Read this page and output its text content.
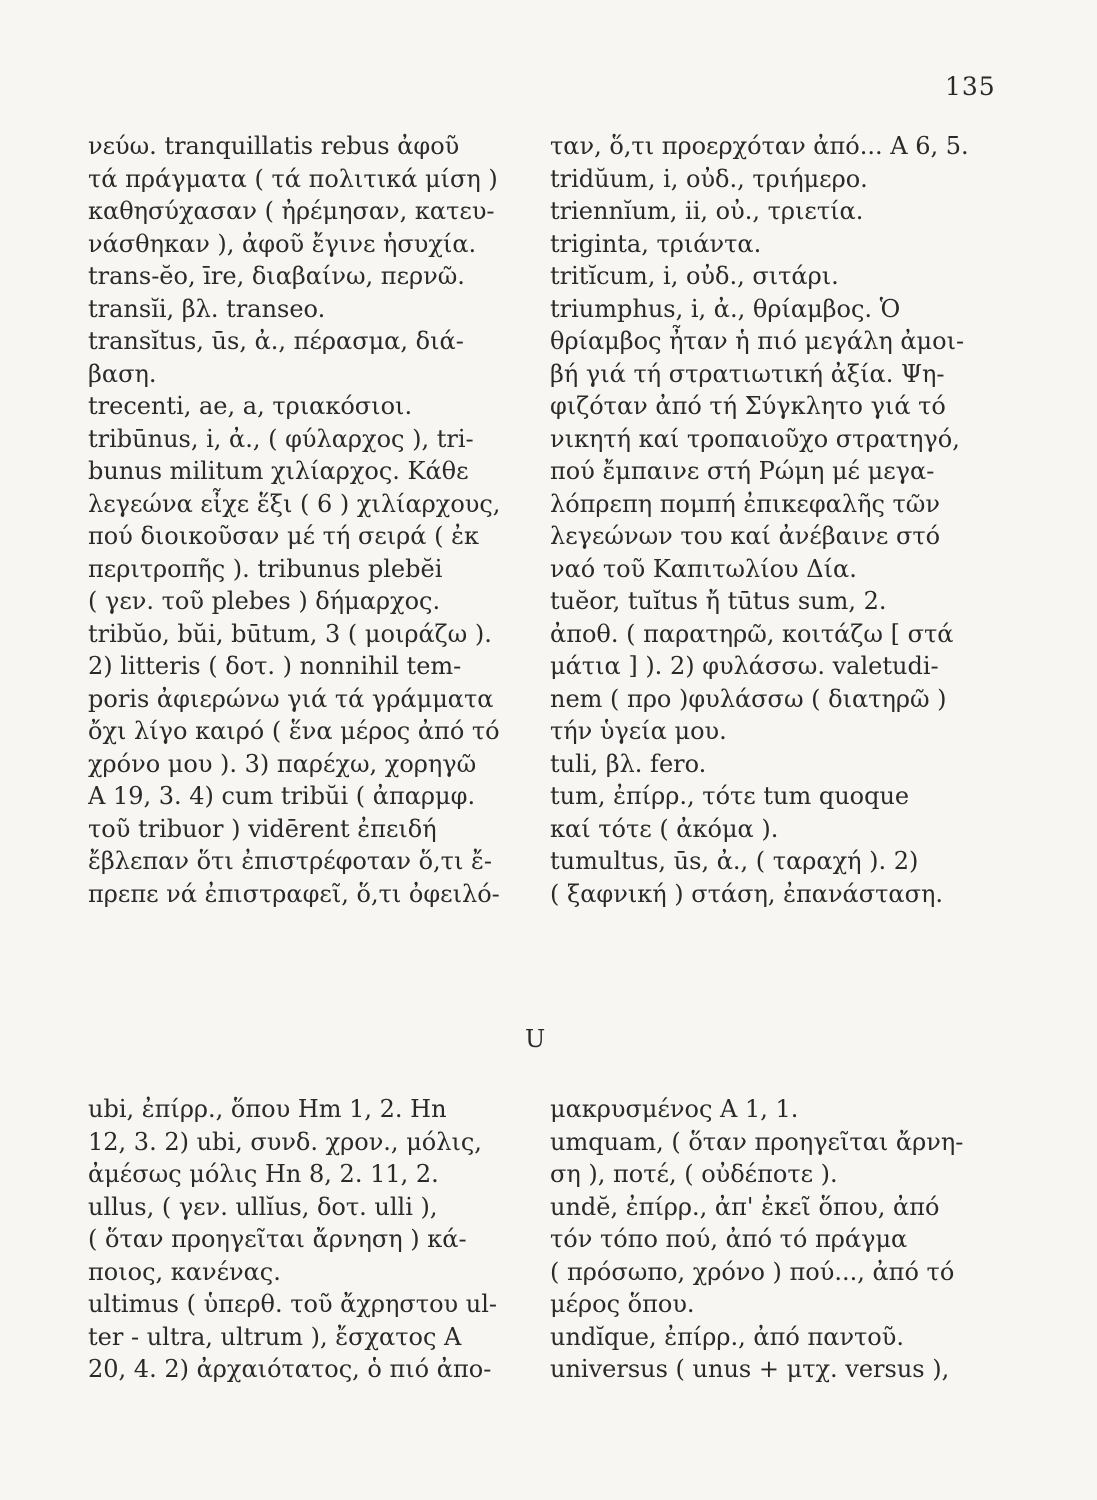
135
νεύω. tranquillatis rebus ἀφοῦ
τά πράγματα ( τά πολιτικά μίση )
καθησύχασαν ( ἠρέμησαν, κατευ-
νάσθηκαν ), ἀφοῦ ἔγινε ἡσυχία.
trans-ĕo, īre, διαβαίνω, περνῶ.
transĭi, βλ. transeo.
transĭtus, ūs, ἀ., πέρασμα, διά-
βαση.
trecenti, ae, a, τριακόσιοι.
tribūnus, i, ἀ., ( φύλαρχος ), tri-
bunus militum χιλίαρχος. Κάθε
λεγεώνα εἶχε ἕξι ( 6 ) χιλίαρχους,
πού διοικοῦσαν μέ τή σειρά ( ἐκ
περιτροπῆς ). tribunus plebĕi
( γεν. τοῦ plebes ) δήμαρχος.
tribŭo, bŭi, būtum, 3 ( μοιράζω ).
2) litteris ( δοτ. ) nonnihil tem-
poris ἀφιερώνω γιά τά γράμματα
ὄχι λίγο καιρό ( ἕνα μέρος ἀπό τό
χρόνο μου ). 3) παρέχω, χορηγῶ
A 19, 3. 4) cum tribŭi ( ἀπαρμφ.
τοῦ tribuor ) vidērent ἐπειδή
ἔβλεπαν ὅτι ἐπιστρέφοταν ὅ,τι ἔ-
πρεπε νά ἐπιστραφεῖ, ὅ,τι ὀφειλό-
ταν, ὅ,τι προερχόταν ἀπό... A 6, 5.
tridŭum, i, οὐδ., τριήμερο.
triennĭum, ii, οὐ., τριετία.
triginta, τριάντα.
tritĭcum, i, οὐδ., σιτάρι.
triumphus, i, ἀ., θρίαμβος. Ὁ
θρίαμβος ἦταν ἡ πιό μεγάλη ἀμοι-
βή γιά τή στρατιωτική ἀξία. Ψη-
φιζόταν ἀπό τή Σύγκλητο γιά τό
νικητή καί τροπαιοῦχο στρατηγό,
πού ἔμπαινε στή Ρώμη μέ μεγα-
λόπρεπη πομπή ἐπικεφαλῆς τῶν
λεγεώνων του καί ἀνέβαινε στό
ναό τοῦ Καπιτωλίου Δία.
tuĕor, tuĭtus ἤ tūtus sum, 2.
ἀποθ. ( παρατηρῶ, κοιτάζω [ στά
μάτια ] ). 2) φυλάσσω. valetudi-
nem ( προ )φυλάσσω ( διατηρῶ )
τήν ὑγεία μου.
tuli, βλ. fero.
tum, ἐπίρρ., τότε tum quoque
καί τότε ( ἀκόμα ).
tumultus, ūs, ἀ., ( ταραχή ). 2)
( ξαφνική ) στάση, ἐπανάσταση.
U
ubi, ἐπίρρ., ὅπου Hm 1, 2. Hn
12, 3. 2) ubi, συνδ. χρον., μόλις,
ἀμέσως μόλις Hn 8, 2. 11, 2.
ullus, ( γεν. ullĭus, δοτ. ulli ),
( ὅταν προηγεῖται ἄρνηση ) κά-
ποιος, κανένας.
ultimus ( ὑπερθ. τοῦ ἄχρηστου ul-
ter - ultra, ultrum ), ἔσχατος A
20, 4. 2) ἀρχαιότατος, ὁ πιό ἀπο-
μακρυσμένος A 1, 1.
umquam, ( ὅταν προηγεῖται ἄρνη-
ση ), ποτέ, ( οὐδέποτε ).
undĕ, ἐπίρρ., ἀπ' ἐκεῖ ὅπου, ἀπό
τόν τόπο πού, ἀπό τό πράγμα
( πρόσωπο, χρόνο ) πού..., ἀπό τό
μέρος ὅπου.
undĭque, ἐπίρρ., ἀπό παντοῦ.
universus ( unus + μτχ. versus ),
